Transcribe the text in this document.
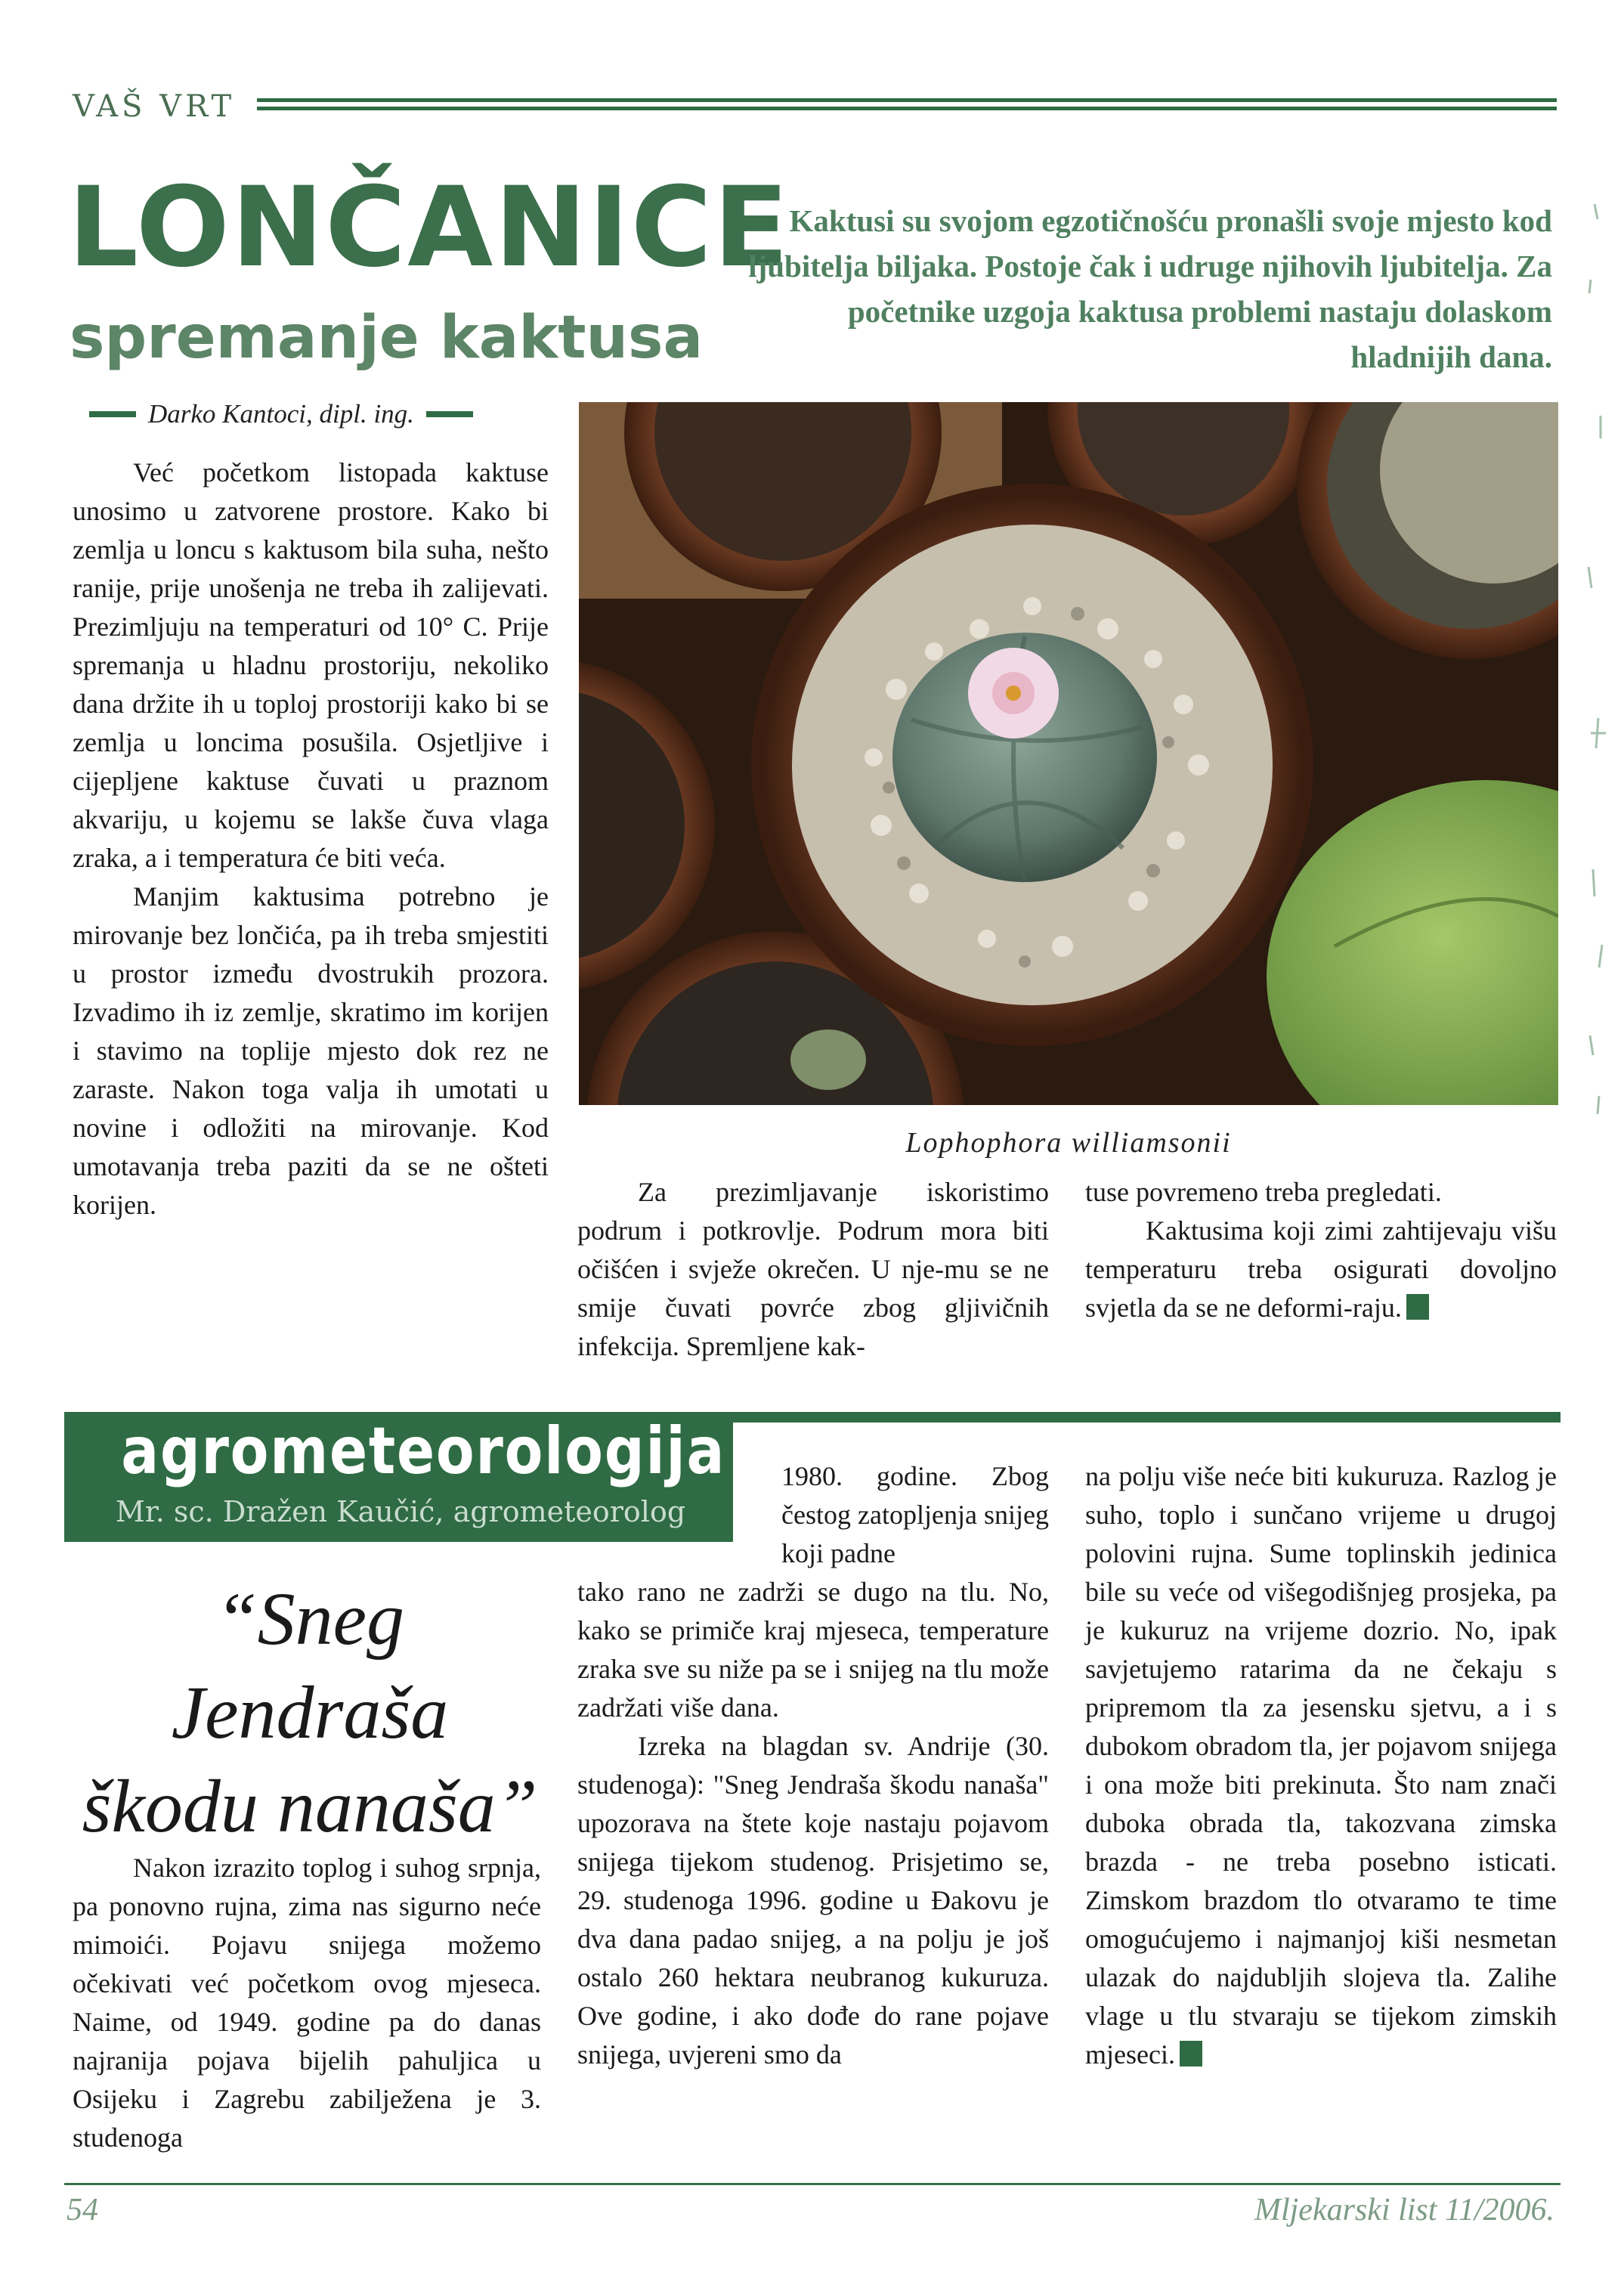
VAŠ VRT
LONČANICE
spremanje kaktusa
Kaktusi su svojom egzotičnošću pronašli svoje mjesto kod ljubitelja biljaka. Postoje čak i udruge njihovih ljubitelja. Za početnike uzgoja kaktusa problemi nastaju dolaskom hladnijih dana.
Darko Kantoci, dipl. ing.

Već početkom listopada kaktuse unosimo u zatvorene prostore. Kako bi zemlja u loncu s kaktusom bila suha, nešto ranije, prije unošenja ne treba ih zalijevati. Prezimljuju na temperaturi od 10° C. Prije spremanja u hladnu prostoriju, nekoliko dana držite ih u toploj prostoriji kako bi se zemlja u loncima posušila. Osjetljive i cijepljene kaktuse čuvati u praznom akvariju, u kojemu se lakše čuva vlaga zraka, a i temperatura će biti veća.

Manjim kaktusima potrebno je mirovanje bez lončića, pa ih treba smjestiti u prostor između dvostrukih prozora. Izvadimo ih iz zemlje, skratimo im korijen i stavimo na toplije mjesto dok rez ne zaraste. Nakon toga valja ih umotati u novine i odložiti na mirovanje. Kod umotavanja treba paziti da se ne ošteti korijen.

Lophophora williamsonii

Za prezimljavanje iskoristimo podrum i potkrovlje. Podrum mora biti očišćen i svježe okrečen. U nje-mu se ne smije čuvati povrće zbog gljivičnih infekcija. Spremljene kak-

tuse povremeno treba pregledati.

Kaktusima koji zimi zahtijevaju višu temperaturu treba osigurati dovoljno svjetla da se ne deformi-raju.

agrometeorologija
Mr. sc. Dražen Kaučić, agrometeorolog
“Sneg Jendraša škodu nanaša”

Nakon izrazito toplog i suhog srpnja, pa ponovno rujna, zima nas sigurno neće mimoići. Pojavu snijega možemo očekivati već početkom ovog mjeseca. Naime, od 1949. godine pa do danas najranija pojava bijelih pahuljica u Osijeku i Zagrebu zabilježena je 3. studenoga

1980. godine. Zbog čestog zatopljenja snijeg koji padne

tako rano ne zadrži se dugo na tlu. No, kako se primiče kraj mjeseca, temperature zraka sve su niže pa se i snijeg na tlu može zadržati više dana.

Izreka na blagdan sv. Andrije (30. studenoga): "Sneg Jendraša škodu nanaša" upozorava na štete koje nastaju pojavom snijega tijekom studenog. Prisjetimo se, 29. studenoga 1996. godine u Đakovu je dva dana padao snijeg, a na polju je još ostalo 260 hektara neubranog kukuruza. Ove godine, i ako dođe do rane pojave snijega, uvjereni smo da

na polju više neće biti kukuruza. Razlog je suho, toplo i sunčano vrijeme u drugoj polovini rujna. Sume toplinskih jedinica bile su veće od višegodišnjeg prosjeka, pa je kukuruz na vrijeme dozrio. No, ipak savjetujemo ratarima da ne čekaju s pripremom tla za jesensku sjetvu, a i s dubokom obradom tla, jer pojavom snijega i ona može biti prekinuta. Što nam znači duboka obrada tla, takozvana zimska brazda - ne treba posebno isticati. Zimskom brazdom tlo otvaramo te time omogućujemo i najmanjoj kiši nesmetan ulazak do najdubljih slojeva tla. Zalihe vlage u tlu stvaraju se tijekom zimskih mjeseci.

54	Mljekarski list 11/2006.
